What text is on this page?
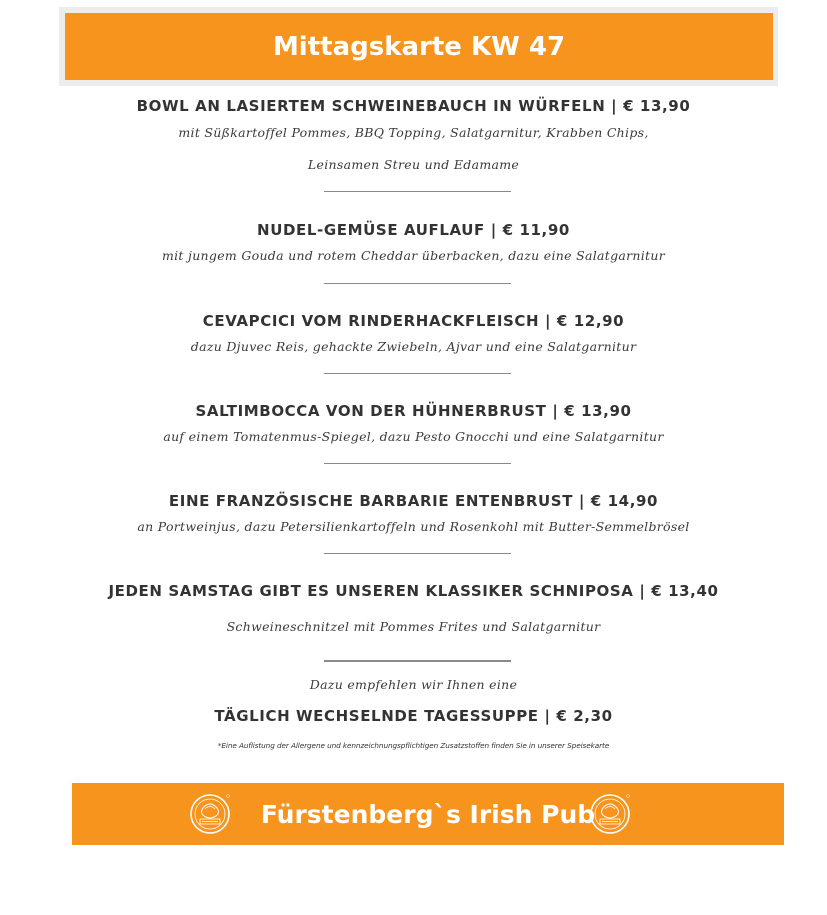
Mittagskarte KW 47
BOWL AN LASIERTEM SCHWEINEBAUCH IN WÜRFELN | € 13,90
mit Süßkartoffel Pommes, BBQ Topping, Salatgarnitur, Krabben Chips,
Leinsamen Streu und Edamame
NUDEL-GEMÜSE AUFLAUF | € 11,90
mit jungem Gouda und rotem Cheddar überbacken, dazu eine Salatgarnitur
CEVAPCICI VOM RINDERHACKFLEISCH | € 12,90
dazu Djuvec Reis, gehackte Zwiebeln, Ajvar und eine Salatgarnitur
SALTIMBOCCA VON DER HÜHNERBRUST | € 13,90
auf einem Tomatenmus-Spiegel, dazu Pesto Gnocchi und eine Salatgarnitur
EINE FRANZÖSISCHE BARBARIE ENTENBRUST | € 14,90
an Portweinjus, dazu Petersilienkartoffeln und Rosenkohl mit Butter-Semmelbrösel
JEDEN SAMSTAG GIBT ES UNSEREN KLASSIKER SCHNIPOSA | € 13,40
Schweineschnitzel mit Pommes Frites und Salatgarnitur
Dazu empfehlen wir Ihnen eine
TÄGLICH WECHSELNDE TAGESSUPPE | € 2,30
*Eine Auflistung der Allergene und kennzeichnungspflichtigen Zusatzstoffen finden Sie in unserer Speisekarte
Fürstenberg`s Irish Pub
